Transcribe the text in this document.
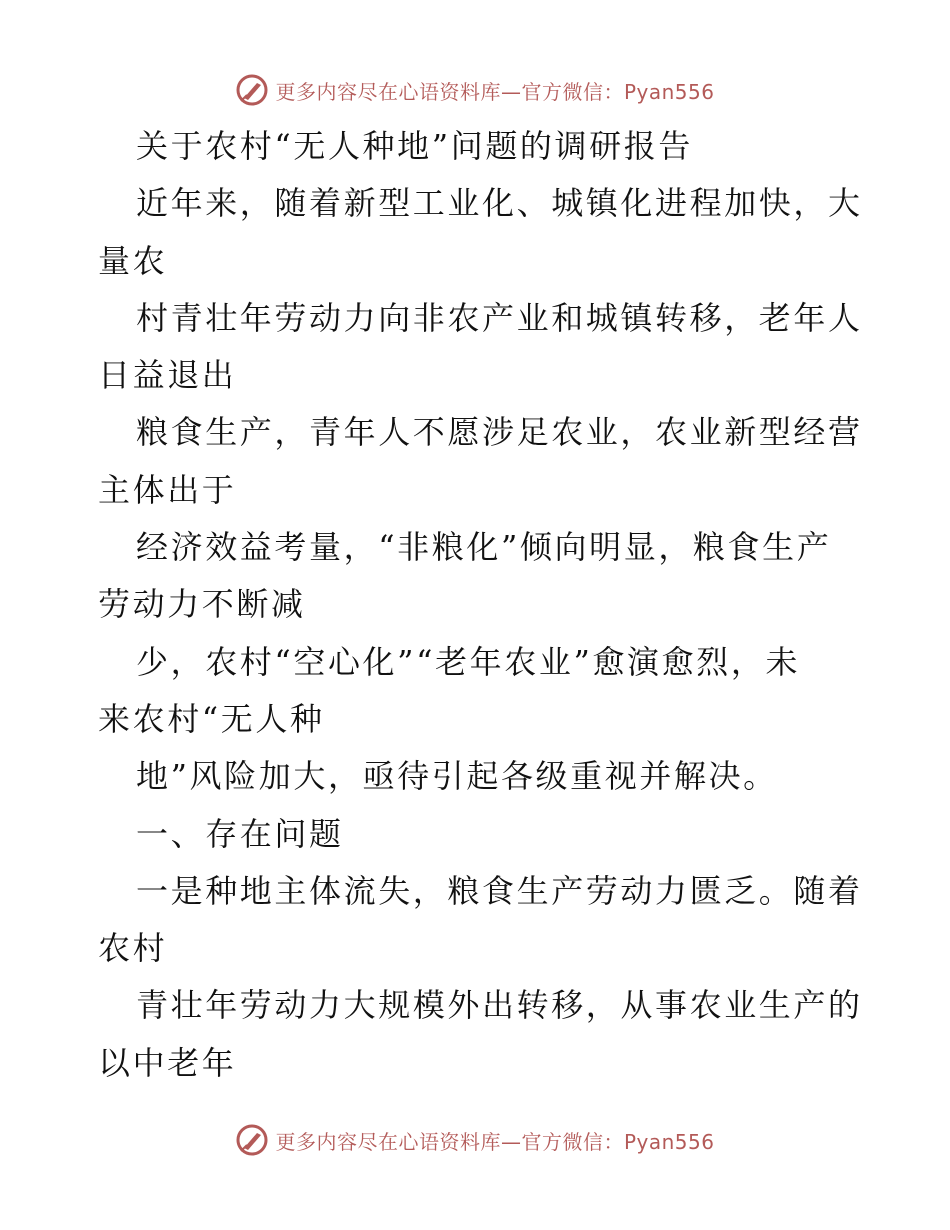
更多内容尽在心语资料库—官方微信：Pyan556
关于农村“无人种地”问题的调研报告
近年来，随着新型工业化、城镇化进程加快，大
量农
村青壮年劳动力向非农产业和城镇转移，老年人
日益退出
粮食生产，青年人不愿涉足农业，农业新型经营
主体出于
经济效益考量，“非粮化”倾向明显，粮食生产
劳动力不断减
少，农村“空心化”“老年农业”愈演愈烈，未
来农村“无人种
地”风险加大，亟待引起各级重视并解决。
一、存在问题
一是种地主体流失，粮食生产劳动力匮乏。随着
农村
青壮年劳动力大规模外出转移，从事农业生产的
以中老年
更多内容尽在心语资料库—官方微信：Pyan556
